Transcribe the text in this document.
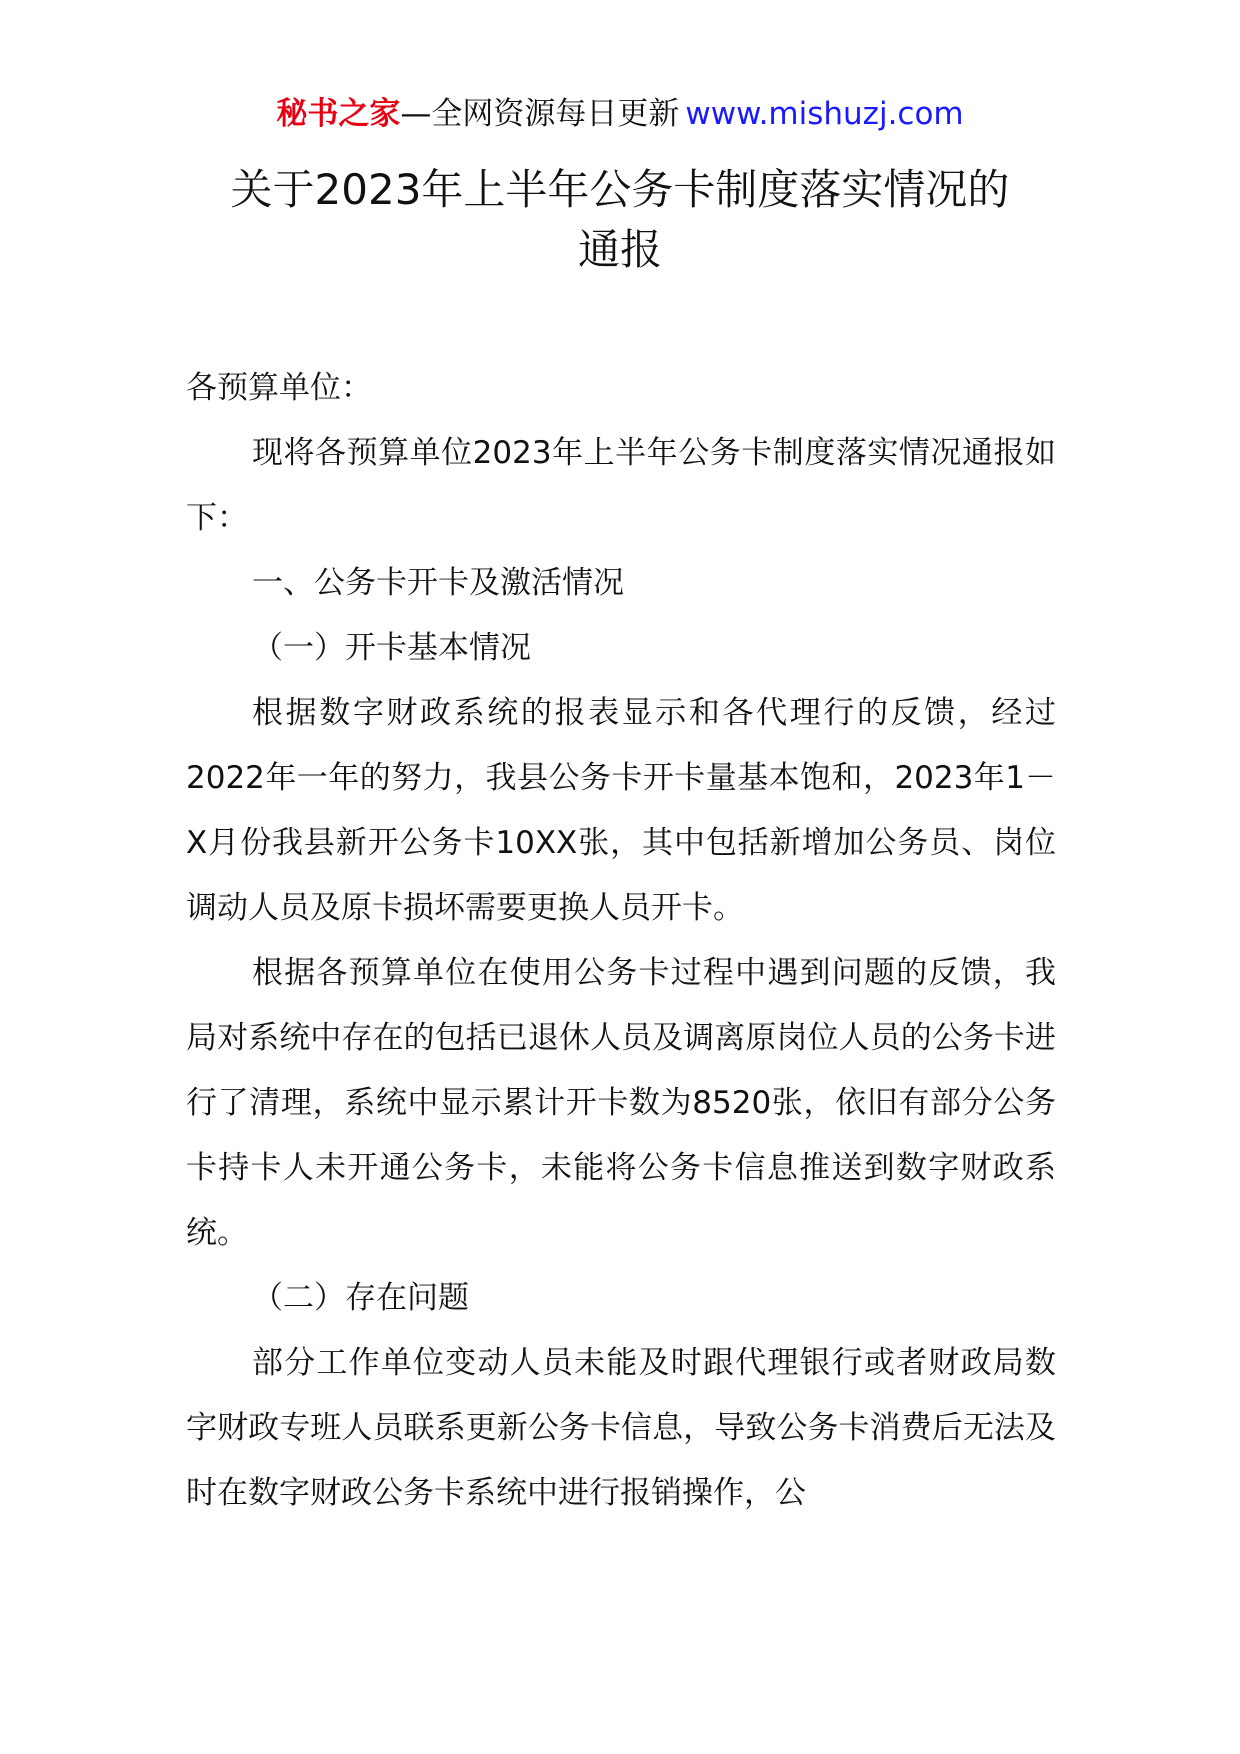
秘书之家—全网资源每日更新 www.mishuzj.com
关于2023年上半年公务卡制度落实情况的
通报

各预算单位：

现将各预算单位2023年上半年公务卡制度落实情况通报如下：

一、公务卡开卡及激活情况

（一）开卡基本情况

根据数字财政系统的报表显示和各代理行的反馈，经过2022年一年的努力，我县公务卡开卡量基本饱和，2023年1－X月份我县新开公务卡10XX张，其中包括新增加公务员、岗位调动人员及原卡损坏需要更换人员开卡。

根据各预算单位在使用公务卡过程中遇到问题的反馈，我局对系统中存在的包括已退休人员及调离原岗位人员的公务卡进行了清理，系统中显示累计开卡数为8520张，依旧有部分公务卡持卡人未开通公务卡，未能将公务卡信息推送到数字财政系统。

（二）存在问题

部分工作单位变动人员未能及时跟代理银行或者财政局数字财政专班人员联系更新公务卡信息，导致公务卡消费后无法及时在数字财政公务卡系统中进行报销操作，公
